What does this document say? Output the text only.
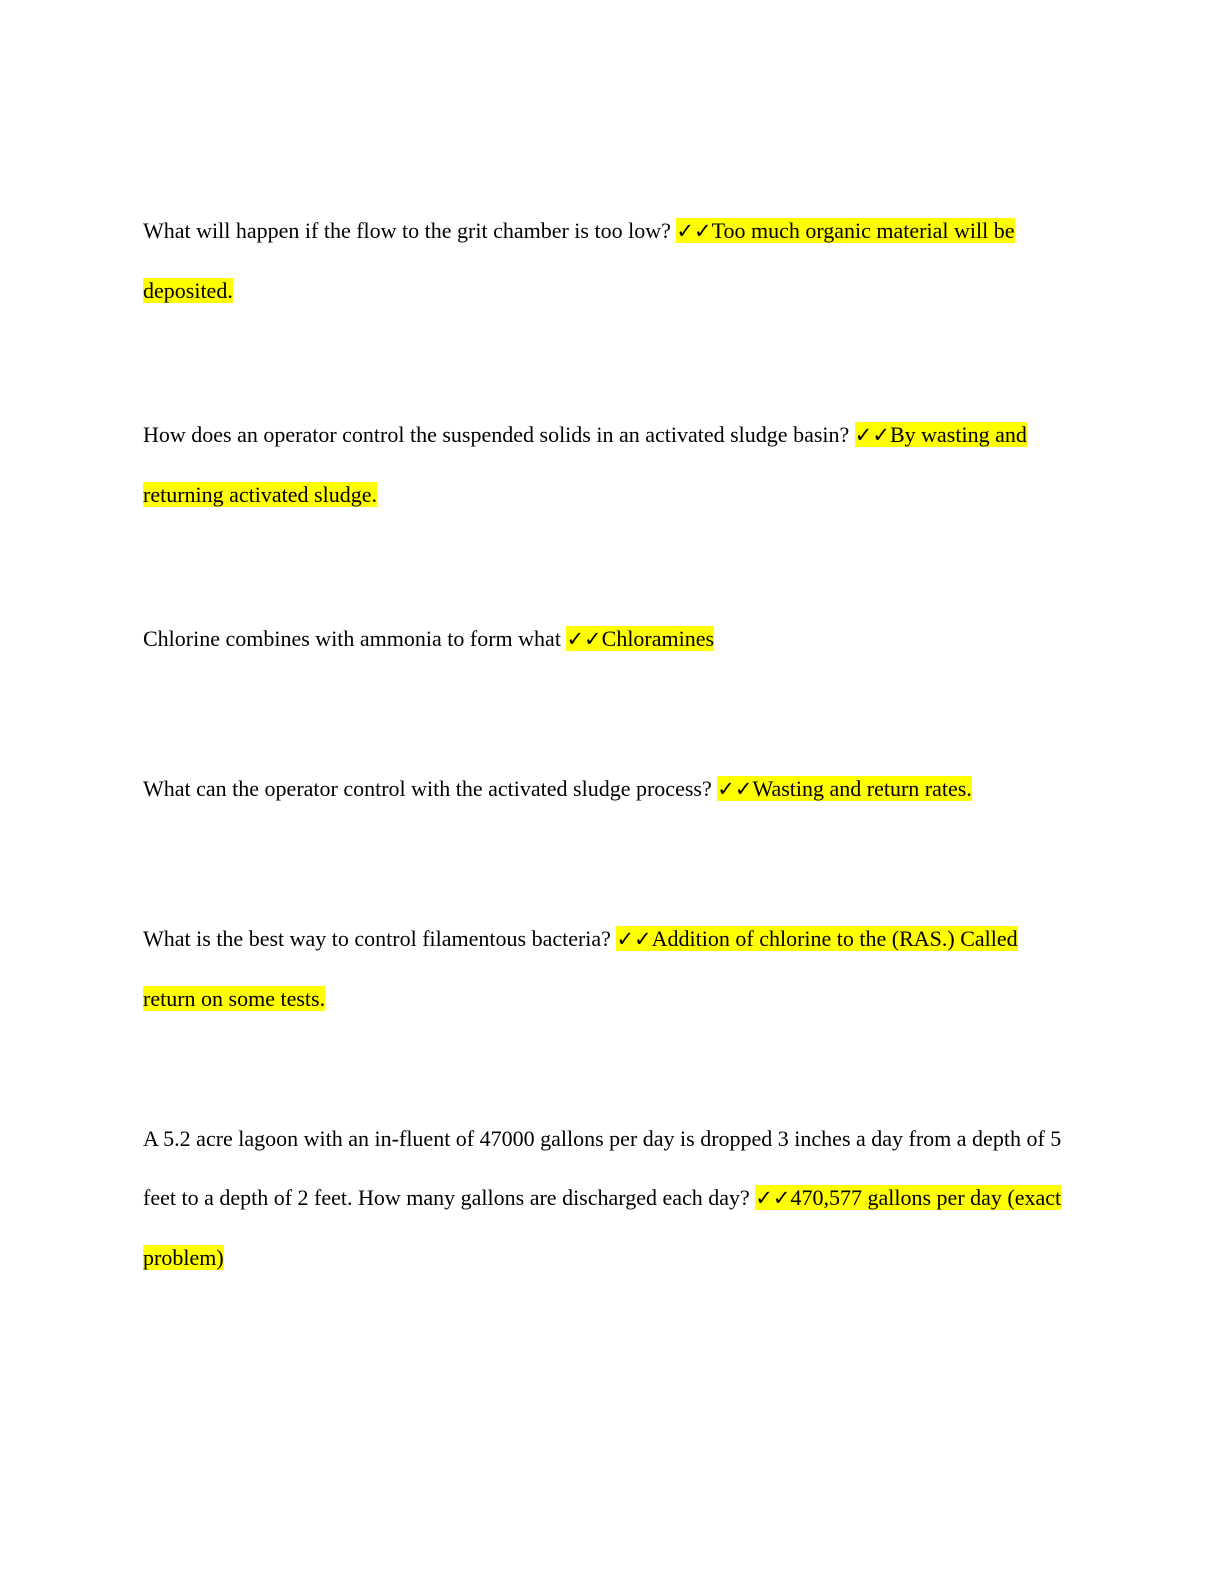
What will happen if the flow to the grit chamber is too low? ✓✓Too much organic material will be deposited.

How does an operator control the suspended solids in an activated sludge basin? ✓✓By wasting and returning activated sludge.

Chlorine combines with ammonia to form what ✓✓Chloramines

What can the operator control with the activated sludge process? ✓✓Wasting and return rates.

What is the best way to control filamentous bacteria? ✓✓Addition of chlorine to the (RAS.) Called return on some tests.

A 5.2 acre lagoon with an in-fluent of 47000 gallons per day is dropped 3 inches a day from a depth of 5 feet to a depth of 2 feet. How many gallons are discharged each day? ✓✓470,577 gallons per day (exact problem)
